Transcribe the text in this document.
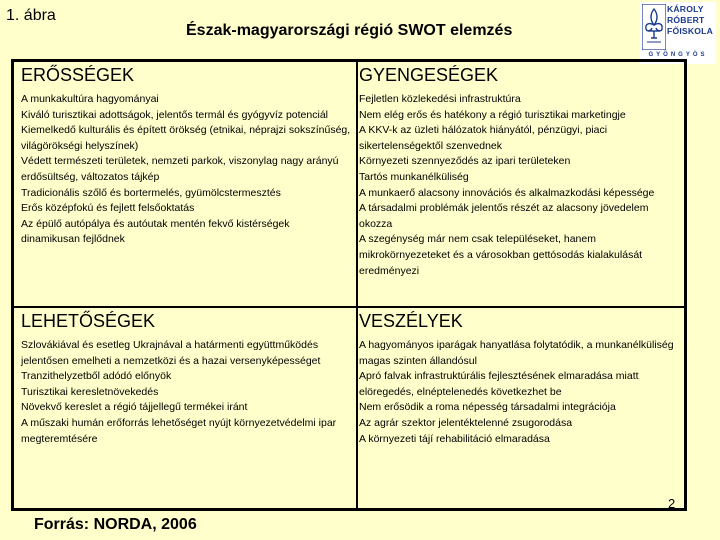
1. ábra
Észak-magyarországi régió SWOT elemzés
KÁROLY
RÓBERT
FŐISKOLA
GYÖNGYÖS
ERŐSSÉGEK
A munkakultúra hagyományai
Kiváló turisztikai adottságok, jelentős termál és gyógyvíz potenciál
Kiemelkedő kulturális és épített örökség (etnikai, néprajzi sokszínűség, világörökségi helyszínek)
Védett természeti területek, nemzeti parkok, viszonylag nagy arányú erdősültség, változatos tájkép
Tradicionális szőlő és bortermelés, gyümölcstermesztés
Erős középfokú és fejlett felsőoktatás
Az épülő autópálya és autóutak mentén fekvő kistérségek dinamikusan fejlődnek
GYENGESÉGEK
Fejletlen közlekedési infrastruktúra
Nem elég erős és hatékony a régió turisztikai marketingje
A KKV-k az üzleti hálózatok hiányától, pénzügyi, piaci sikertelenségektől szenvednek
Környezeti szennyeződés az ipari területeken
Tartós munkanélküliség
A munkaerő alacsony innovációs és alkalmazkodási képessége
A társadalmi problémák jelentős részét az alacsony jövedelem okozza
A szegénység már nem csak településeket, hanem mikrokörnyezeteket és a városokban gettósodás kialakulását eredményezi
LEHETŐSÉGEK
Szlovákiával és esetleg Ukrajnával a határmenti együttműködés jelentősen emelheti a nemzetközi és a hazai versenyképességet
Tranzithelyzetből adódó előnyök
Turisztikai keresletnövekedés
Növekvő kereslet a régió tájjellegű termékei iránt
A műszaki humán erőforrás lehetőséget nyújt környezetvédelmi ipar megteremtésére
VESZÉLYEK
A hagyományos iparágak hanyatlása folytatódik, a munkanélküliség magas szinten állandósul
Apró falvak infrastruktúrális fejlesztésének elmaradása miatt elöregedés, elnéptelenedés következhet be
Nem erősödik a roma népesség társadalmi integrációja
Az agrár szektor jelentéktelenné zsugorodása
A környezeti tájí rehabilitáció elmaradása
2
Forrás: NORDA, 2006
